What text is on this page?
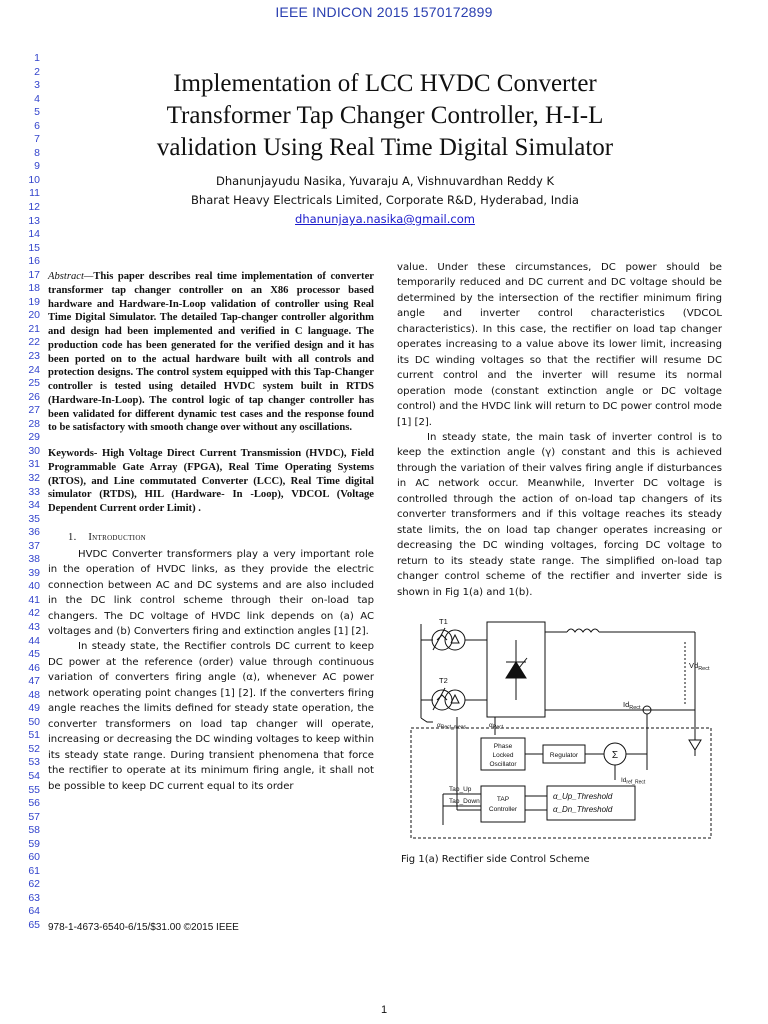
IEEE INDICON 2015 1570172899
1
2
3
4
5
6
7
8
9
10
11
12
13
14
15
16
17
18
19
20
21
22
23
24
25
26
27
28
29
30
31
32
33
34
35
36
37
38
39
40
41
42
43
44
45
46
47
48
49
50
51
52
53
54
55
56
57
58
59
60
61
62
63
64
65
Implementation of LCC HVDC Converter
Transformer Tap Changer Controller, H-I-L
validation Using Real Time Digital Simulator
Dhanunjayudu Nasika, Yuvaraju A, Vishnuvardhan Reddy K
Bharat Heavy Electricals Limited, Corporate R&D, Hyderabad, India
dhanunjaya.nasika@gmail.com
Abstract—This paper describes real time implementation of converter transformer tap changer controller on an X86 processor based hardware and Hardware-In-Loop validation of controller using Real Time Digital Simulator. The detailed Tap-changer controller algorithm and design had been implemented and verified in C language. The production code has been generated for the verified design and it has been ported on to the actual hardware built with all controls and protection designs. The control system equipped with this Tap-Changer controller is tested using detailed HVDC system built in RTDS (Hardware-In-Loop). The control logic of tap changer controller has been validated for different dynamic test cases and the response found to be satisfactory with smooth change over without any oscillations.
Keywords- High Voltage Direct Current Transmission (HVDC), Field Programmable Gate Array (FPGA), Real Time Operating Systems (RTOS), and Line commutated Converter (LCC), Real Time digital simulator (RTDS), HIL (Hardware- In -Loop), VDCOL (Voltage Dependent Current order Limit) .
1. Introduction

HVDC Converter transformers play a very important role in the operation of HVDC links, as they provide the electric connection between AC and DC systems and are also included in the DC link control scheme through their on-load tap changers. The DC voltage of HVDC link depends on (a) AC voltages and (b) Converters firing and extinction angles [1] [2].

In steady state, the Rectifier controls DC current to keep DC power at the reference (order) value through continuous variation of converters firing angle (α), whenever AC power network operating point changes [1] [2]. If the converters firing angle reaches the limits defined for steady state operation, the converter transformers on load tap changer will operate, increasing or decreasing the DC winding voltages to keep within its steady state range. During transient phenomena that force the rectifier to operate at its minimum firing angle, it shall not be possible to keep DC current equal to its order

value. Under these circumstances, DC power should be temporarily reduced and DC current and DC voltage should be determined by the intersection of the rectifier minimum firing angle and inverter control characteristics (VDCOL characteristics). In this case, the rectifier on load tap changer operates increasing to a value above its lower limit, increasing its DC winding voltages so that the rectifier will resume DC current control and the inverter will resume its normal operation mode (constant extinction angle or DC voltage control) and the HVDC link will return to DC power control mode [1] [2].

In steady state, the main task of inverter control is to keep the extinction angle (γ) constant and this is achieved through the variation of their valves firing angle if disturbances in AC network occur. Meanwhile, Inverter DC voltage is controlled through the action of on-load tap changers of its converter transformers and if this voltage reaches its steady state limits, the on load tap changer operates increasing or decreasing the DC winding voltages, forcing DC voltage to return to its steady state range. The simplified on-load tap changer control scheme of the rectifier and inverter side is shown in Fig 1(a) and 1(b).

T1
T2
$Vd_{Rect}$
$Id_{Rect}$
$\alpha_{Rect\_meas}$	$\alpha_{Rect}$
Phase
Locked
Oscillator
Regulator	Σ
$Id_{ref\_Rect}$
TAP
Controller
Tap_Up
Tap_Down
α_Up_Threshold
α_Dn_Threshold
Fig 1(a) Rectifier side Control Scheme
978-1-4673-6540-6/15/$31.00 ©2015 IEEE
1
